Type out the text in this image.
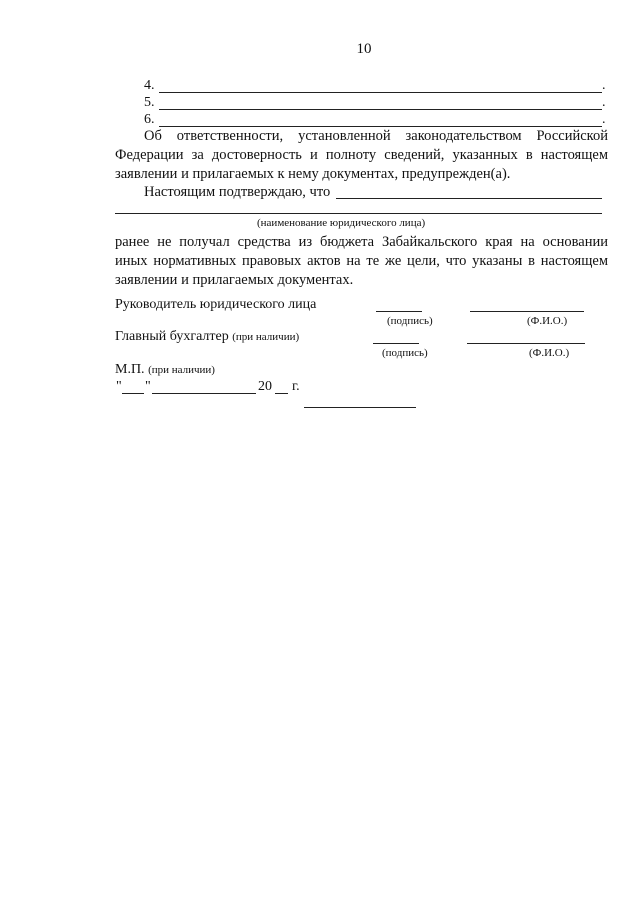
10
4.	.
5.	.
6.	.
Об ответственности, установленной законодательством Российской
Федерации за достоверность и полноту сведений, указанных в настоящем
заявлении и прилагаемых к нему документах, предупрежден(а).
Настоящим подтверждаю, что
(наименование юридического лица)
ранее не получал средства из бюджета Забайкальского края на основании
иных нормативных правовых актов на те же цели, что указаны в настоящем
заявлении и прилагаемых документах.
Руководитель юридического лица
(подпись)	(Ф.И.О.)
Главный бухгалтер (при наличии)
(подпись)	(Ф.И.О.)
М.П. (при наличии)
" "	20 г.
